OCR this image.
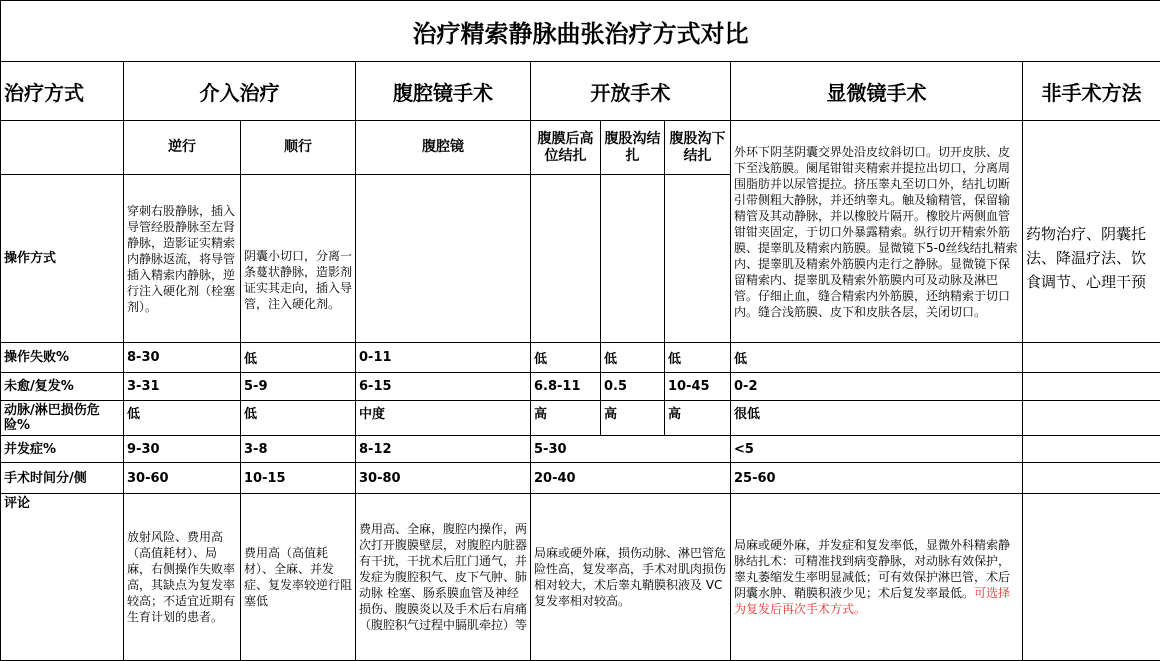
治疗精索静脉曲张治疗方式对比								
治疗方式	介入治疗		腹腔镜手术	开放手术			显微镜手术	非手术方法
	逆行	顺行	腹腔镜	腹膜后高位结扎	腹股沟结扎	腹股沟下结扎	外环下阴茎阴囊交界处沿皮纹斜切口。切开皮肤、皮下至浅筋膜。阑尾钳钳夹精索并提拉出切口，分离周围脂肪并以尿管提拉。挤压睾丸至切口外，结扎切断引带侧粗大静脉，并还纳睾丸。触及输精管，保留输精管及其动静脉，并以橡胶片隔开。橡胶片两侧血管钳钳夹固定，于切口外暴露精索。纵行切开精索外筋膜、提睾肌及精索内筋膜。显微镜下5-0丝线结扎精索内、提睾肌及精索外筋膜内走行之静脉。显微镜下保留精索内、提睾肌及精索外筋膜内可及动脉及淋巴管。仔细止血，缝合精索内外筋膜，还纳精索于切口内。缝合浅筋膜、皮下和皮肤各层，关闭切口。	
操作方式	穿刺右股静脉，插入导管经股静脉至左肾静脉，造影证实精索内静脉返流，将导管插入精索内静脉，逆行注入硬化剂（栓塞剂）。	阴囊小切口，分离一条蔓状静脉，造影剂证实其走向，插入导管，注入硬化剂。						药物治疗、阴囊托法、降温疗法、饮食调节、心理干预
操作失败%	8-30	低	0-11	低	低	低	低	
未愈/复发%	3-31	5-9	6-15	6.8-11	0.5	10-45	0-2	
动脉/淋巴损伤危险%	低	低	中度	高	高	高	很低	
并发症%	9-30	3-8	8-12	5-30			<5	
手术时间分/侧	30-60	10-15	30-80	20-40			25-60	
评论	放射风险、费用高（高值耗材）、局麻，右侧操作失败率高，其缺点为复发率较高；不适宜近期有生育计划的患者。	费用高（高值耗材）、全麻、并发症、复发率较逆行阻塞低	费用高、全麻，腹腔内操作，两次打开腹膜壁层，对腹腔内脏器有干扰，干扰术后肛门通气，并发症为腹腔积气、皮下气肿、肺动脉 栓塞、肠系膜血管及神经损伤、腹膜炎以及手术后右肩痛（腹腔积气过程中膈肌牵拉）等	局麻或硬外麻，损伤动脉、淋巴管危险性高，复发率高，手术对肌肉损伤相对较大，术后睾丸鞘膜积液及 VC复发率相对较高。			局麻或硬外麻，并发症和复发率低，显微外科精索静脉结扎术：可精准找到病变静脉，对动脉有效保护，睾丸萎缩发生率明显减低；可有效保护淋巴管，术后阴囊水肿、鞘膜积液少见；术后复发率最低。可选择为复发后再次手术方式。	
